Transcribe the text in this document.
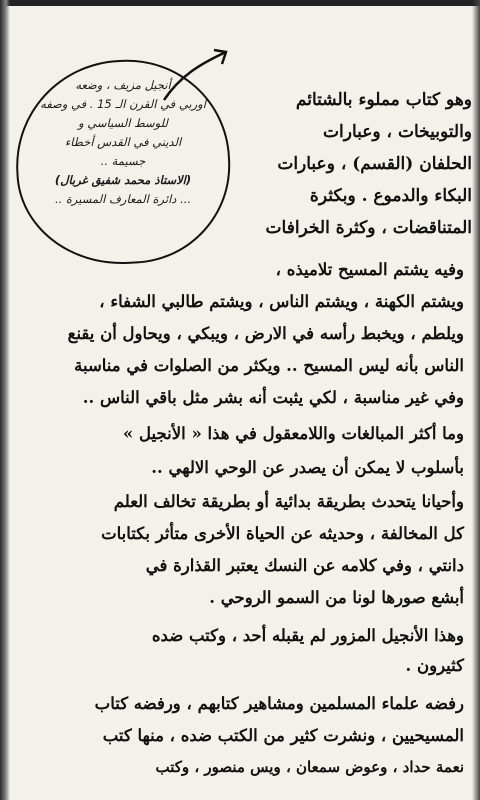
أنجيل مزيف ، وضعه
اوربي في القرن الـ 15 . في وصفه
للوسط السياسي و
الديني في القدس أخطاء
جسيمة ..
(الاستاذ محمد شفيق غربال)
... دائرة المعارف المسيرة ..
وهو كتاب مملوء بالشتائم
والتوبيخات ، وعبارات
الحلفان (القسم) ، وعبارات
البكاء والدموع . وبكثرة
المتناقضات ، وكثرة الخرافات
وفيه يشتم المسيح تلاميذه ،
ويشتم الكهنة ، ويشتم الناس ، ويشتم طالبي الشفاء ،
ويلطم ، ويخبط رأسه في الارض ، ويبكي ، ويحاول أن يقنع
الناس بأنه ليس المسيح .. ويكثر من الصلوات في مناسبة
وفي غير مناسبة ، لكي يثبت أنه بشر مثل باقي الناس ..
وما أكثر المبالغات واللامعقول في هذا « الأنجيل »
بأسلوب لا يمكن أن يصدر عن الوحي الالهي ..
وأحيانا يتحدث بطريقة بدائية أو بطريقة تخالف العلم
كل المخالفة ، وحديثه عن الحياة الأخرى متأثر بكتابات
دانتي ، وفي كلامه عن النسك يعتبر القذارة في
أبشع صورها لونا من السمو الروحي .
وهذا الأنجيل المزور لم يقبله أحد ، وكتب ضده
كثيرون .
رفضه علماء المسلمين ومشاهير كتابهم ، ورفضه كتاب
المسيحيين ، ونشرت كثير من الكتب ضده ، منها كتب
نعمة حداد ، وعوض سمعان ، ويس منصور ، وكتب
